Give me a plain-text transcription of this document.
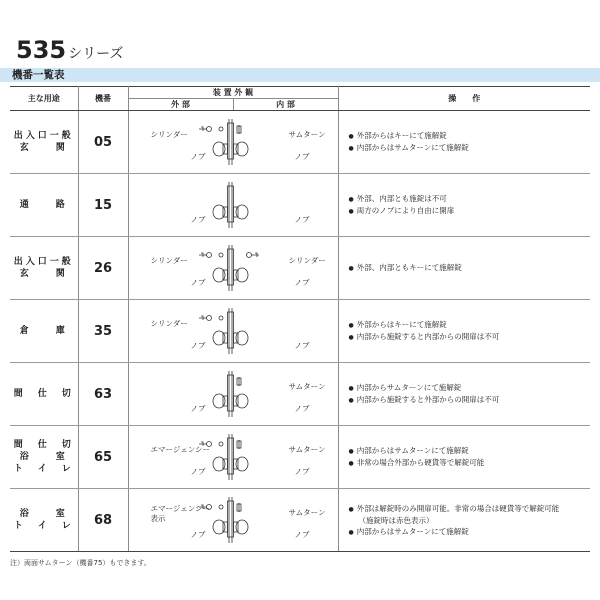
535 シリーズ
機番一覧表
主な用途	機番	装 置 外 観		操　　作
		外 部	内 部	

出入口一般
玄　　関	05	シリンダー
ノブ
サムターン
ノブ		● 外部からはキーにて施解錠
● 内部からはサムターンにて施解錠

通　　路	15	ノブ ノブ		● 外部、内部とも施錠は不可
● 両方のノブにより自由に開扉

出入口一般
玄　　関	26	シリンダー
ノブ
シリンダー
ノブ		● 外部、内部ともキーにて施解錠

倉　　庫	35	シリンダー
ノブ ノブ		● 外部からはキーにて施解錠
● 内部から施錠すると内部からの開扉は不可

間　仕　切	63	ノブ
サムターン
ノブ		● 内部からサムターンにて施解錠
● 内部から施錠すると外部からの開扉は不可

間　仕　切
浴　　室
ト　イ　レ	65	エマージェンシー
ノブ
サムターン
ノブ		● 内部からはサムターンにて施解錠
● 非常の場合外部から硬貨等で解錠可能

浴　　室
ト　イ　レ	68	エマージェンシー
表示
ノブ
サムターン
ノブ		● 外部は解錠時のみ開扉可能。非常の場合は硬貨等で解錠可能
（施錠時は赤色表示）
● 内部からはサムターンにて施解錠
注）両面サムターン（機番75）もできます。
